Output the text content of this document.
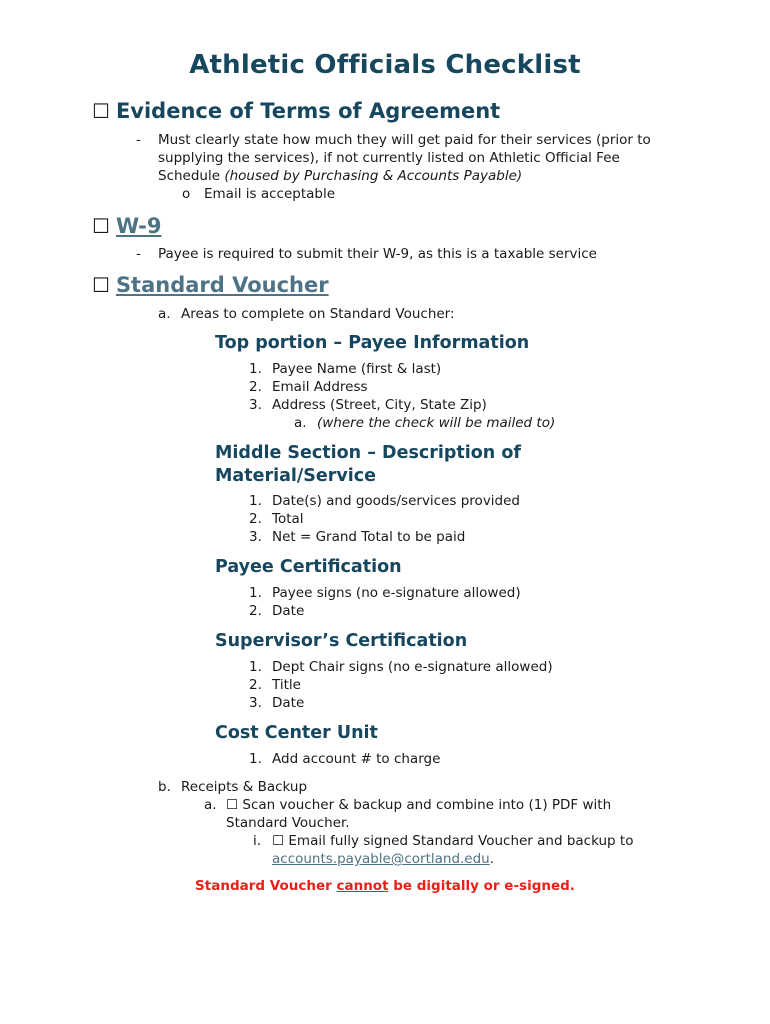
Athletic Officials Checklist
☐ Evidence of Terms of Agreement
- Must clearly state how much they will get paid for their services (prior to
supplying the services), if not currently listed on Athletic Official Fee
Schedule (housed by Purchasing & Accounts Payable)
o Email is acceptable
☐ W-9
- Payee is required to submit their W-9, as this is a taxable service
☐ Standard Voucher
a. Areas to complete on Standard Voucher:
Top portion – Payee Information
1. Payee Name (first & last)
2. Email Address
3. Address (Street, City, State Zip)
a. (where the check will be mailed to)
Middle Section – Description of
Material/Service
1. Date(s) and goods/services provided
2. Total
3. Net = Grand Total to be paid
Payee Certification
1. Payee signs (no e-signature allowed)
2. Date
Supervisor’s Certification
1. Dept Chair signs (no e-signature allowed)
2. Title
3. Date
Cost Center Unit
1. Add account # to charge
b. Receipts & Backup
a. ☐ Scan voucher & backup and combine into (1) PDF with
Standard Voucher.
i. ☐ Email fully signed Standard Voucher and backup to
accounts.payable@cortland.edu.
Standard Voucher cannot be digitally or e-signed.
